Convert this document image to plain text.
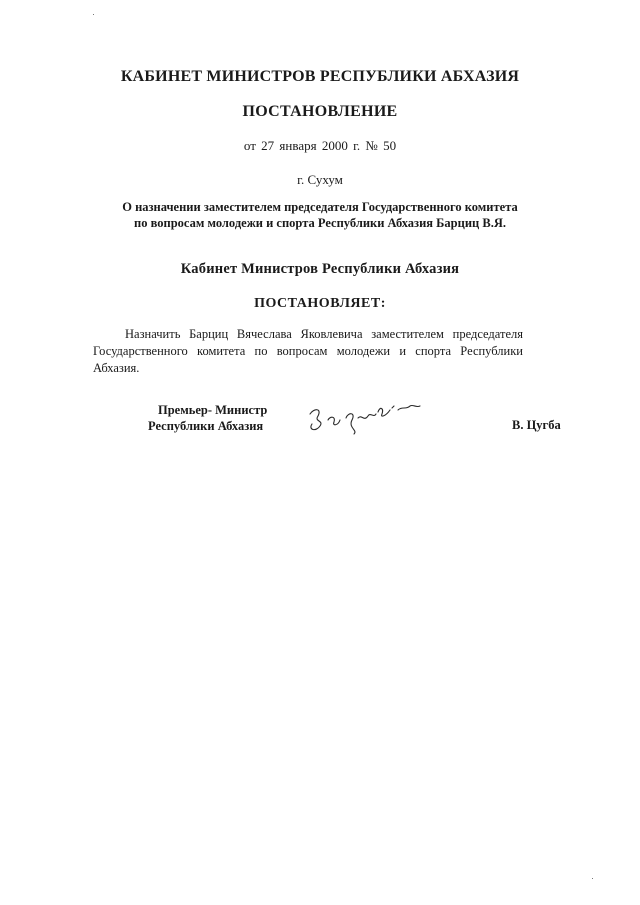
КАБИНЕТ МИНИСТРОВ РЕСПУБЛИКИ АБХАЗИЯ
ПОСТАНОВЛЕНИЕ
от 27 января 2000 г. № 50
г. Сухум
О назначении заместителем председателя Государственного комитета
по вопросам молодежи и спорта Республики Абхазия Барциц В.Я.
Кабинет Министров Республики Абхазия
ПОСТАНОВЛЯЕТ:
Назначить Барциц Вячеслава Яковлевича заместителем председателя Государственного комитета по вопросам молодежи и спорта Республики Абхазия.
Премьер- Министр
Республики Абхазия	В. Цугба
